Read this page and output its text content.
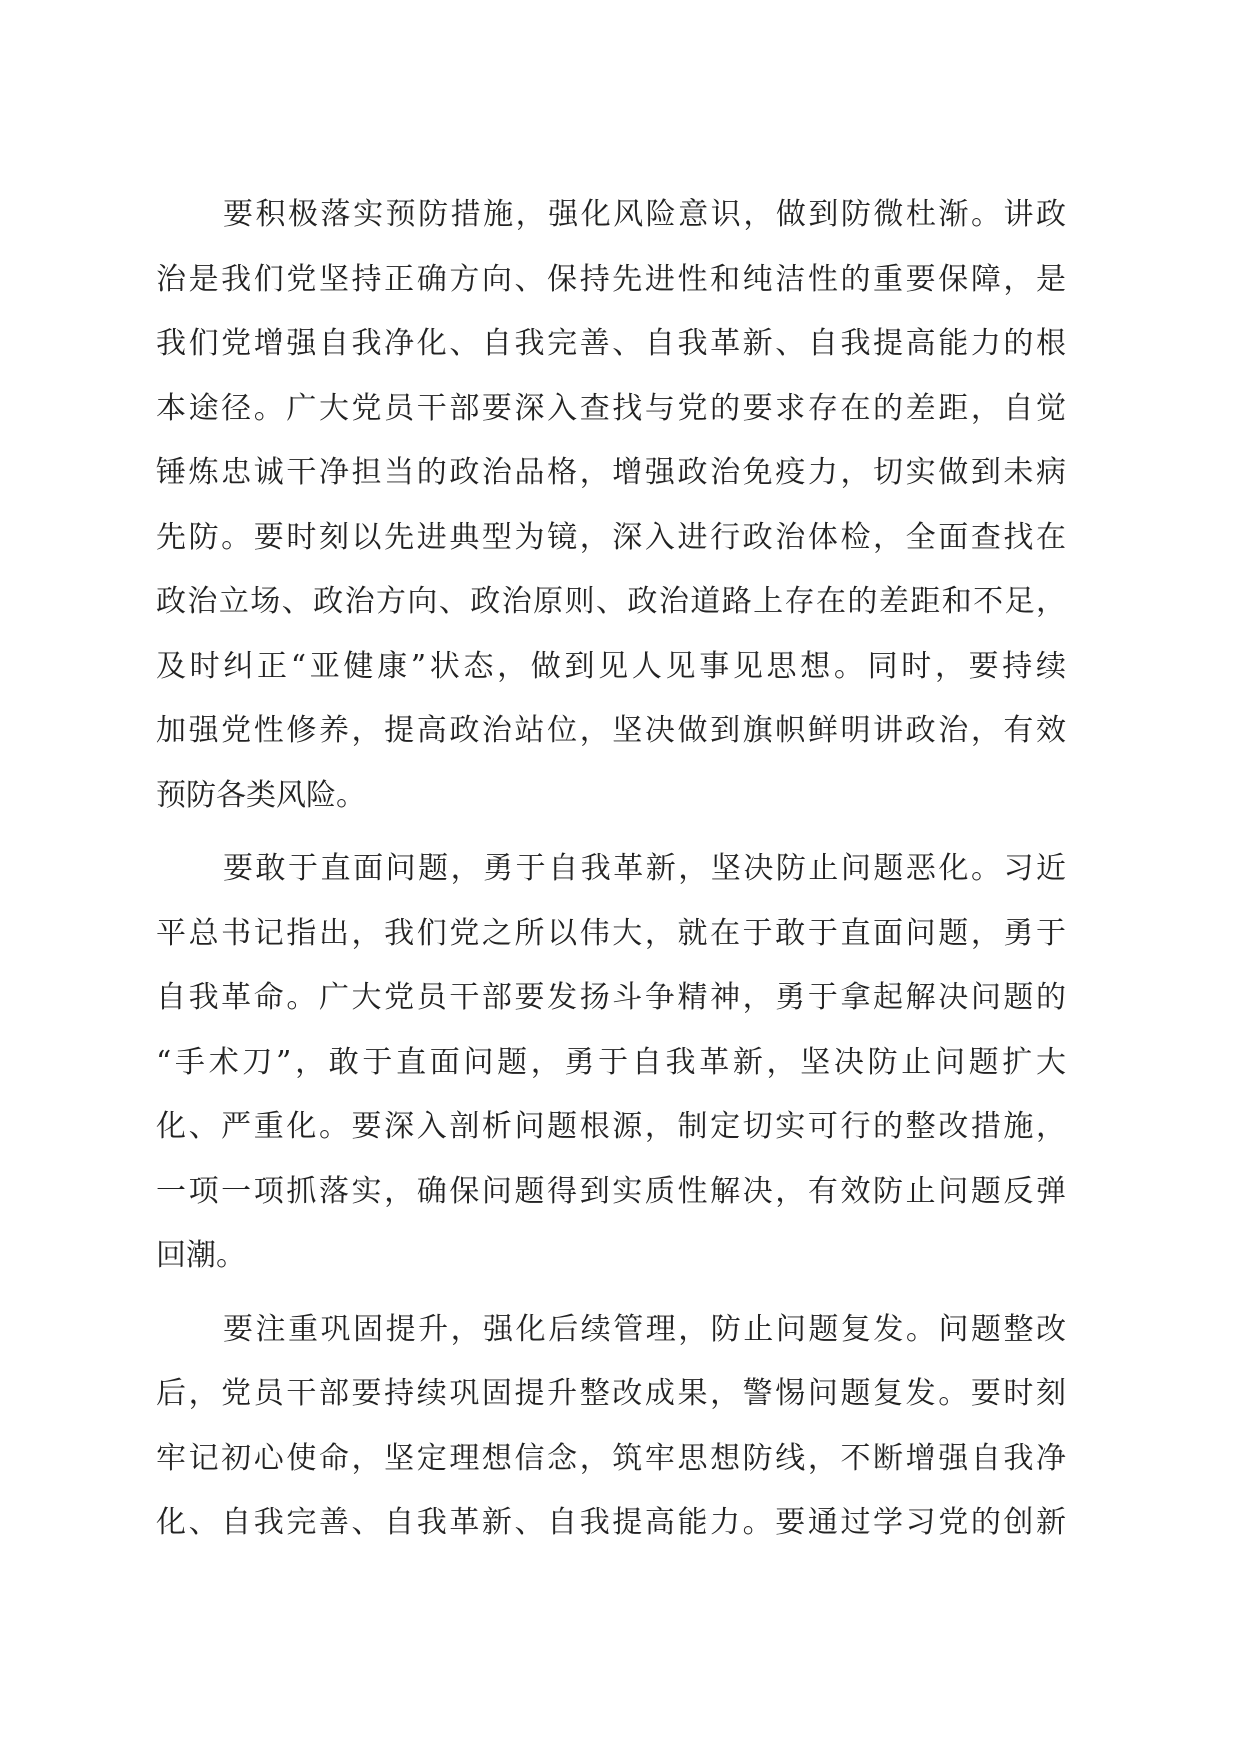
要积极落实预防措施，强化风险意识，做到防微杜渐。讲政
治是我们党坚持正确方向、保持先进性和纯洁性的重要保障，是
我们党增强自我净化、自我完善、自我革新、自我提高能力的根
本途径。广大党员干部要深入查找与党的要求存在的差距，自觉
锤炼忠诚干净担当的政治品格，增强政治免疫力，切实做到未病
先防。要时刻以先进典型为镜，深入进行政治体检，全面查找在
政治立场、政治方向、政治原则、政治道路上存在的差距和不足，
及时纠正“亚健康”状态，做到见人见事见思想。同时，要持续
加强党性修养，提高政治站位，坚决做到旗帜鲜明讲政治，有效
预防各类风险。
要敢于直面问题，勇于自我革新，坚决防止问题恶化。习近
平总书记指出，我们党之所以伟大，就在于敢于直面问题，勇于
自我革命。广大党员干部要发扬斗争精神，勇于拿起解决问题的
“手术刀”，敢于直面问题，勇于自我革新，坚决防止问题扩大
化、严重化。要深入剖析问题根源，制定切实可行的整改措施，
一项一项抓落实，确保问题得到实质性解决，有效防止问题反弹
回潮。
要注重巩固提升，强化后续管理，防止问题复发。问题整改
后，党员干部要持续巩固提升整改成果，警惕问题复发。要时刻
牢记初心使命，坚定理想信念，筑牢思想防线，不断增强自我净
化、自我完善、自我革新、自我提高能力。要通过学习党的创新
